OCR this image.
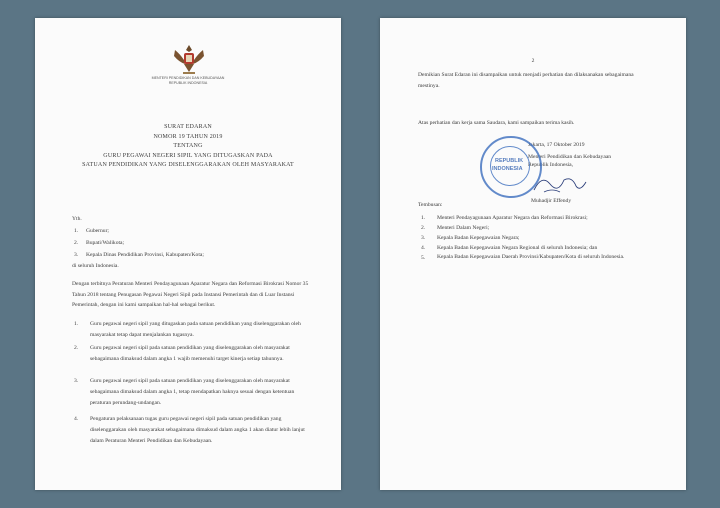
MENTERI PENDIDIKAN DAN KEBUDAYAAN
REPUBLIK INDONESIA
SURAT EDARAN
NOMOR 19 TAHUN 2019
TENTANG
GURU PEGAWAI NEGERI SIPIL YANG DITUGASKAN PADA
SATUAN PENDIDIKAN YANG DISELENGGARAKAN OLEH MASYARAKAT
Yth.
1. Gubernur;
2. Bupati/Walikota;
3. Kepala Dinas Pendidikan Provinsi, Kabupaten/Kota;
di seluruh Indonesia.
Dengan terbitnya Peraturan Menteri Pendayagunaan Aparatur Negara dan Reformasi Birokrasi Nomor 35 Tahun 2018 tentang Penugasan Pegawai Negeri Sipil pada Instansi Pemerintah dan di Luar Instansi Pemerintah, dengan ini kami sampaikan hal-hal sebagai berikut.
1. Guru pegawai negeri sipil yang ditugaskan pada satuan pendidikan yang diselenggarakan oleh masyarakat tetap dapat menjalankan tugasnya.
2. Guru pegawai negeri sipil pada satuan pendidikan yang diselenggarakan oleh masyarakat sebagaimana dimaksud dalam angka 1 wajib memenuhi target kinerja setiap tahunnya.
3. Guru pegawai negeri sipil pada satuan pendidikan yang diselenggarakan oleh masyarakat sebagaimana dimaksud dalam angka 1, tetap mendapatkan haknya sesuai dengan ketentuan peraturan perundang-undangan.
4. Pengaturan pelaksanaan tugas guru pegawai negeri sipil pada satuan pendidikan yang diselenggarakan oleh masyarakat sebagaimana dimaksud dalam angka 1 akan diatur lebih lanjut dalam Peraturan Menteri Pendidikan dan Kebudayaan.
2
Demikian Surat Edaran ini disampaikan untuk menjadi perhatian dan dilaksanakan sebagaimana mestinya.
Atas perhatian dan kerja sama Saudara, kami sampaikan terima kasih.
Jakarta, 17 Oktober 2019
Menteri Pendidikan dan Kebudayaan
Republik Indonesia,
REPUBLIK
INDONESIA
Muhadjir Effendy
Tembusan:
1. Menteri Pendayagunaan Aparatur Negara dan Reformasi Birokrasi;
2. Menteri Dalam Negeri;
3. Kepala Badan Kepegawaian Negara;
4. Kepala Badan Kepegawaian Negara Regional di seluruh Indonesia; dan
5. Kepala Badan Kepegawaian Daerah Provinsi/Kabupaten/Kota di seluruh Indonesia.
